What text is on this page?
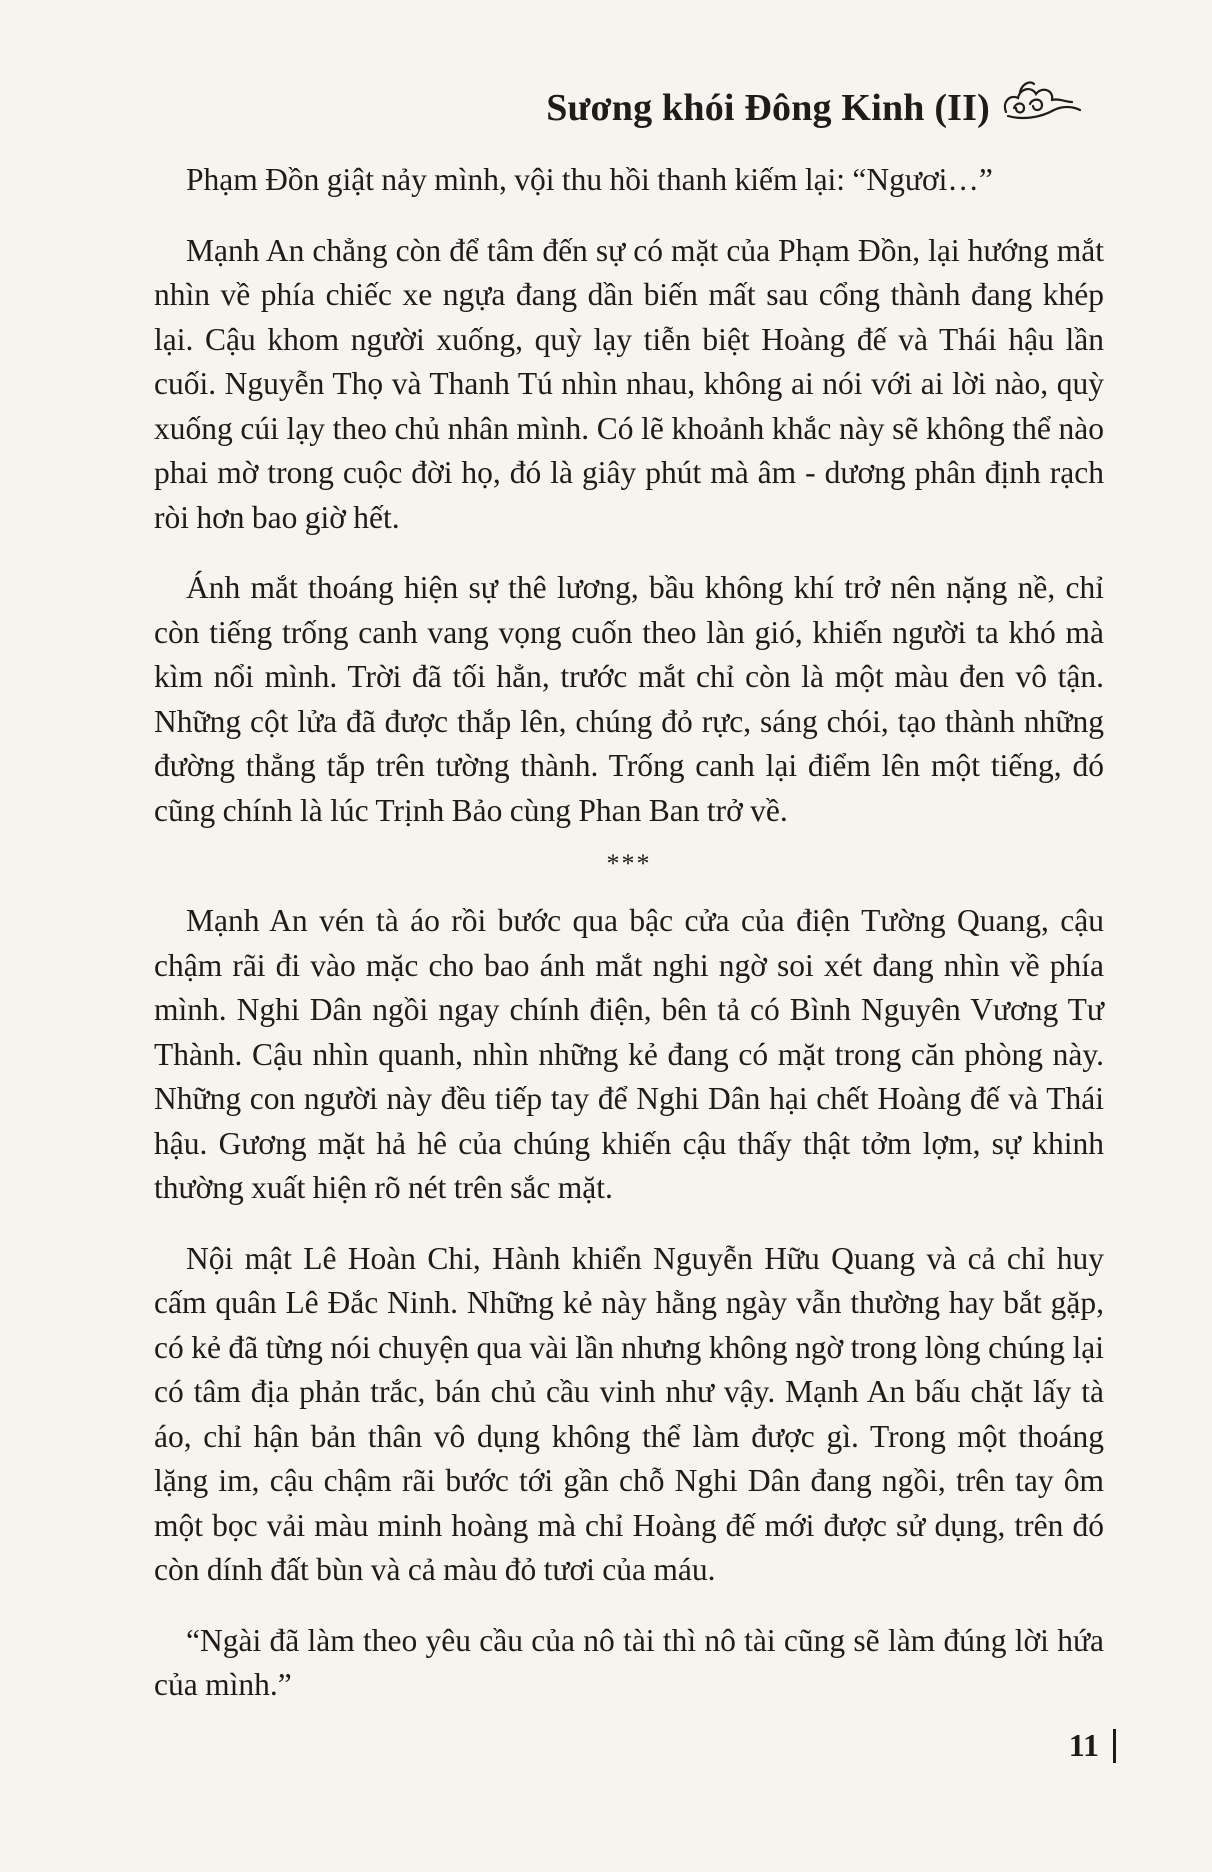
Sương khói Đông Kinh (II)

Phạm Đồn giật nảy mình, vội thu hồi thanh kiếm lại: “Ngươi…”

Mạnh An chẳng còn để tâm đến sự có mặt của Phạm Đồn, lại hướng mắt nhìn về phía chiếc xe ngựa đang dần biến mất sau cổng thành đang khép lại. Cậu khom người xuống, quỳ lạy tiễn biệt Hoàng đế và Thái hậu lần cuối. Nguyễn Thọ và Thanh Tú nhìn nhau, không ai nói với ai lời nào, quỳ xuống cúi lạy theo chủ nhân mình. Có lẽ khoảnh khắc này sẽ không thể nào phai mờ trong cuộc đời họ, đó là giây phút mà âm - dương phân định rạch ròi hơn bao giờ hết.

Ánh mắt thoáng hiện sự thê lương, bầu không khí trở nên nặng nề, chỉ còn tiếng trống canh vang vọng cuốn theo làn gió, khiến người ta khó mà kìm nổi mình. Trời đã tối hẳn, trước mắt chỉ còn là một màu đen vô tận. Những cột lửa đã được thắp lên, chúng đỏ rực, sáng chói, tạo thành những đường thẳng tắp trên tường thành. Trống canh lại điểm lên một tiếng, đó cũng chính là lúc Trịnh Bảo cùng Phan Ban trở về.

***

Mạnh An vén tà áo rồi bước qua bậc cửa của điện Tường Quang, cậu chậm rãi đi vào mặc cho bao ánh mắt nghi ngờ soi xét đang nhìn về phía mình. Nghi Dân ngồi ngay chính điện, bên tả có Bình Nguyên Vương Tư Thành. Cậu nhìn quanh, nhìn những kẻ đang có mặt trong căn phòng này. Những con người này đều tiếp tay để Nghi Dân hại chết Hoàng đế và Thái hậu. Gương mặt hả hê của chúng khiến cậu thấy thật tởm lợm, sự khinh thường xuất hiện rõ nét trên sắc mặt.

Nội mật Lê Hoàn Chi, Hành khiển Nguyễn Hữu Quang và cả chỉ huy cấm quân Lê Đắc Ninh. Những kẻ này hằng ngày vẫn thường hay bắt gặp, có kẻ đã từng nói chuyện qua vài lần nhưng không ngờ trong lòng chúng lại có tâm địa phản trắc, bán chủ cầu vinh như vậy. Mạnh An bấu chặt lấy tà áo, chỉ hận bản thân vô dụng không thể làm được gì. Trong một thoáng lặng im, cậu chậm rãi bước tới gần chỗ Nghi Dân đang ngồi, trên tay ôm một bọc vải màu minh hoàng mà chỉ Hoàng đế mới được sử dụng, trên đó còn dính đất bùn và cả màu đỏ tươi của máu.

“Ngài đã làm theo yêu cầu của nô tài thì nô tài cũng sẽ làm đúng lời hứa của mình.”

11
